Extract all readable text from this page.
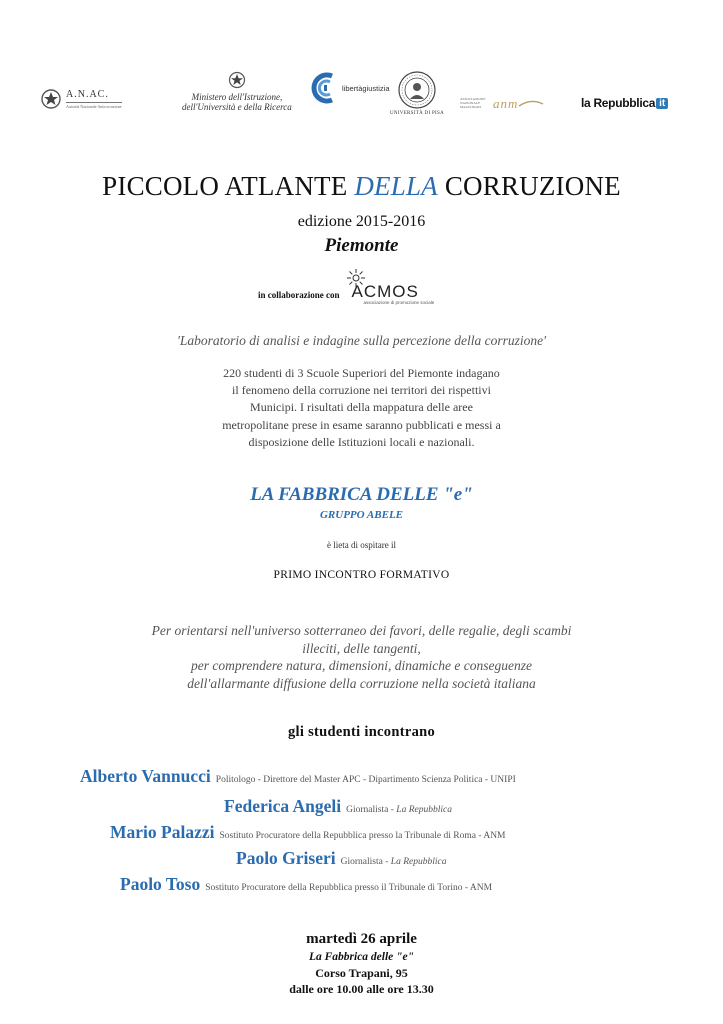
A.N.AC.
Autorità Nazionale Anticorruzione
Ministero dell'Istruzione,
dell'Università e della Ricerca
libertàgiustizia
UNIVERSITÀ DI PISA
ASSOCIAZIONE NAZIONALE MAGISTRATI anm	la Repubblica it
PICCOLO ATLANTE DELLA CORRUZIONE
edizione 2015-2016
Piemonte
in collaborazione con ACMOS
associazione di promozione sociale
'Laboratorio di analisi e indagine sulla percezione della corruzione'
220 studenti di 3 Scuole Superiori del Piemonte indagano
il fenomeno della corruzione nei territori dei rispettivi
Municipi. I risultati della mappatura delle aree
metropolitane prese in esame saranno pubblicati e messi a
disposizione delle Istituzioni locali e nazionali.
LA FABBRICA DELLE "e"
GRUPPO ABELE
è lieta di ospitare il
PRIMO INCONTRO FORMATIVO
Per orientarsi nell'universo sotterraneo dei favori, delle regalie, degli scambi
illeciti, delle tangenti,
per comprendere natura, dimensioni, dinamiche e conseguenze
dell'allarmante diffusione della corruzione nella società italiana
gli studenti incontrano
Alberto Vannucci Politologo - Direttore del Master APC - Dipartimento Scienza Politica - UNIPI
Federica Angeli Giornalista - La Repubblica
Mario Palazzi Sostituto Procuratore della Repubblica presso la Tribunale di Roma - ANM
Paolo Griseri Giornalista - La Repubblica
Paolo Toso Sostituto Procuratore della Repubblica presso il Tribunale di Torino - ANM
martedì 26 aprile
La Fabbrica delle "e"
Corso Trapani, 95
dalle ore 10.00 alle ore 13.30
